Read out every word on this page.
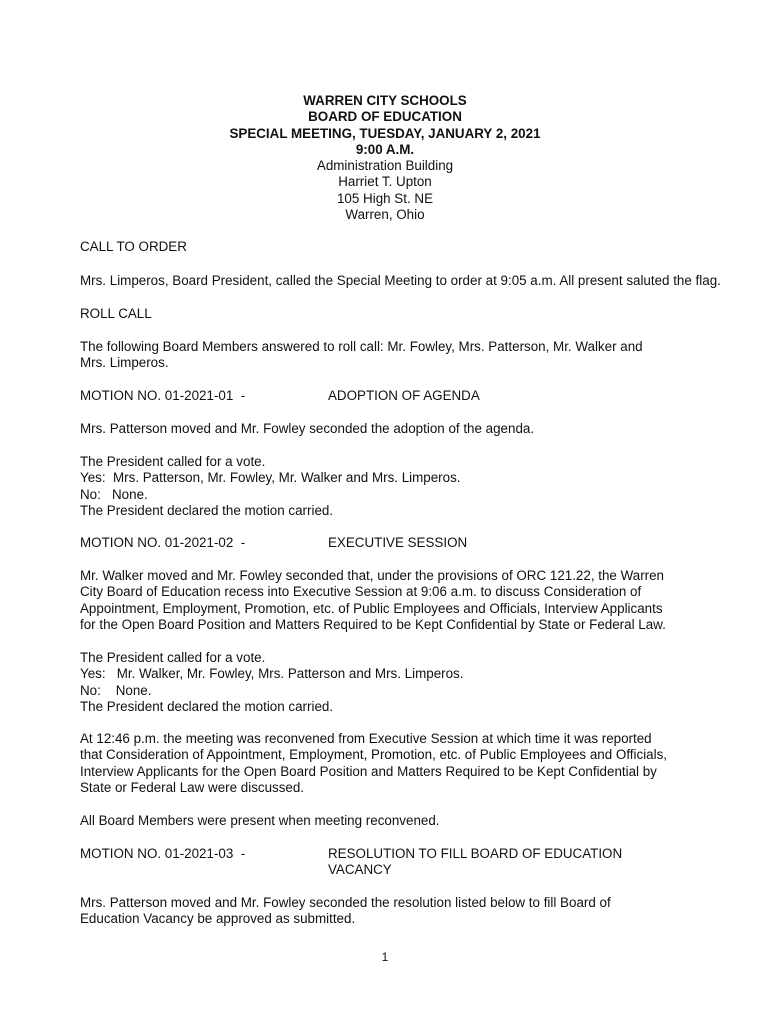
WARREN CITY SCHOOLS
BOARD OF EDUCATION
SPECIAL MEETING, TUESDAY, JANUARY 2, 2021
9:00 A.M.
Administration Building
Harriet T. Upton
105 High St. NE
Warren, Ohio
CALL TO ORDER
Mrs. Limperos, Board President, called the Special Meeting to order at 9:05 a.m. All present saluted the flag.
ROLL CALL
The following Board Members answered to roll call: Mr. Fowley, Mrs. Patterson, Mr. Walker and
Mrs. Limperos.
MOTION NO. 01-2021-01  -	ADOPTION OF AGENDA
Mrs. Patterson moved and Mr. Fowley seconded the adoption of the agenda.
The President called for a vote.
Yes:  Mrs. Patterson, Mr. Fowley, Mr. Walker and Mrs. Limperos.
No:   None.
The President declared the motion carried.
MOTION NO. 01-2021-02  -	EXECUTIVE SESSION
Mr. Walker moved and Mr. Fowley seconded that, under the provisions of ORC 121.22, the Warren
City Board of Education recess into Executive Session at 9:06 a.m. to discuss Consideration of
Appointment, Employment, Promotion, etc. of Public Employees and Officials, Interview Applicants
for the Open Board Position and Matters Required to be Kept Confidential by State or Federal Law.
The President called for a vote.
Yes:   Mr. Walker, Mr. Fowley, Mrs. Patterson and Mrs. Limperos.
No:    None.
The President declared the motion carried.
At 12:46 p.m. the meeting was reconvened from Executive Session at which time it was reported
that Consideration of Appointment, Employment, Promotion, etc. of Public Employees and Officials,
Interview Applicants for the Open Board Position and Matters Required to be Kept Confidential by
State or Federal Law were discussed.
All Board Members were present when meeting reconvened.
MOTION NO. 01-2021-03  -	RESOLUTION TO FILL BOARD OF EDUCATION
VACANCY
Mrs. Patterson moved and Mr. Fowley seconded the resolution listed below to fill Board of
Education Vacancy be approved as submitted.
1
